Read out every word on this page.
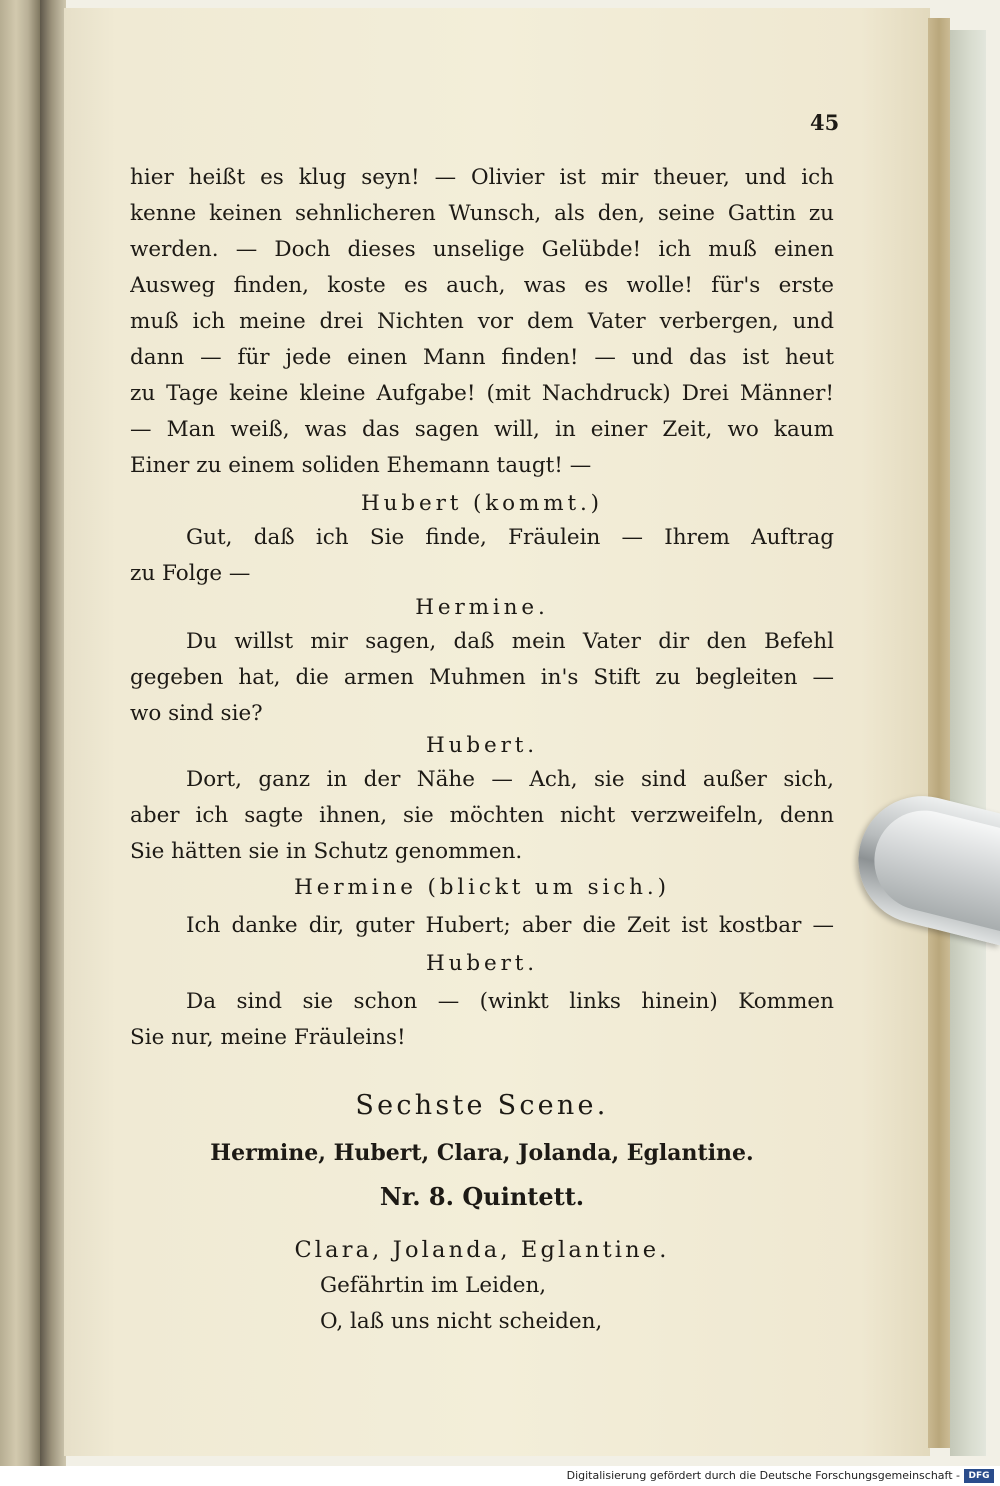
45
hier heißt es klug seyn! — Olivier ist mir theuer, und ich
kenne keinen sehnlicheren Wunsch, als den, seine Gattin zu
werden. — Doch dieses unselige Gelübde! ich muß einen
Ausweg finden, koste es auch, was es wolle! für's erste
muß ich meine drei Nichten vor dem Vater verbergen, und
dann — für jede einen Mann finden! — und das ist heut
zu Tage keine kleine Aufgabe! (mit Nachdruck) Drei Männer!
— Man weiß, was das sagen will, in einer Zeit, wo kaum
Einer zu einem soliden Ehemann taugt! —
Hubert (kommt.)
Gut, daß ich Sie finde, Fräulein — Ihrem Auftrag
zu Folge —
Hermine.
Du willst mir sagen, daß mein Vater dir den Befehl
gegeben hat, die armen Muhmen in's Stift zu begleiten —
wo sind sie?
Hubert.
Dort, ganz in der Nähe — Ach, sie sind außer sich,
aber ich sagte ihnen, sie möchten nicht verzweifeln, denn
Sie hätten sie in Schutz genommen.
Hermine (blickt um sich.)
Ich danke dir, guter Hubert; aber die Zeit ist kostbar —
Hubert.
Da sind sie schon — (winkt links hinein) Kommen
Sie nur, meine Fräuleins!
Sechste Scene.
Hermine, Hubert, Clara, Jolanda, Eglantine.
Nr. 8. Quintett.
Clara, Jolanda, Eglantine.
Gefährtin im Leiden,
O, laß uns nicht scheiden,
Digitalisierung gefördert durch die Deutsche Forschungsgemeinschaft - DFG
